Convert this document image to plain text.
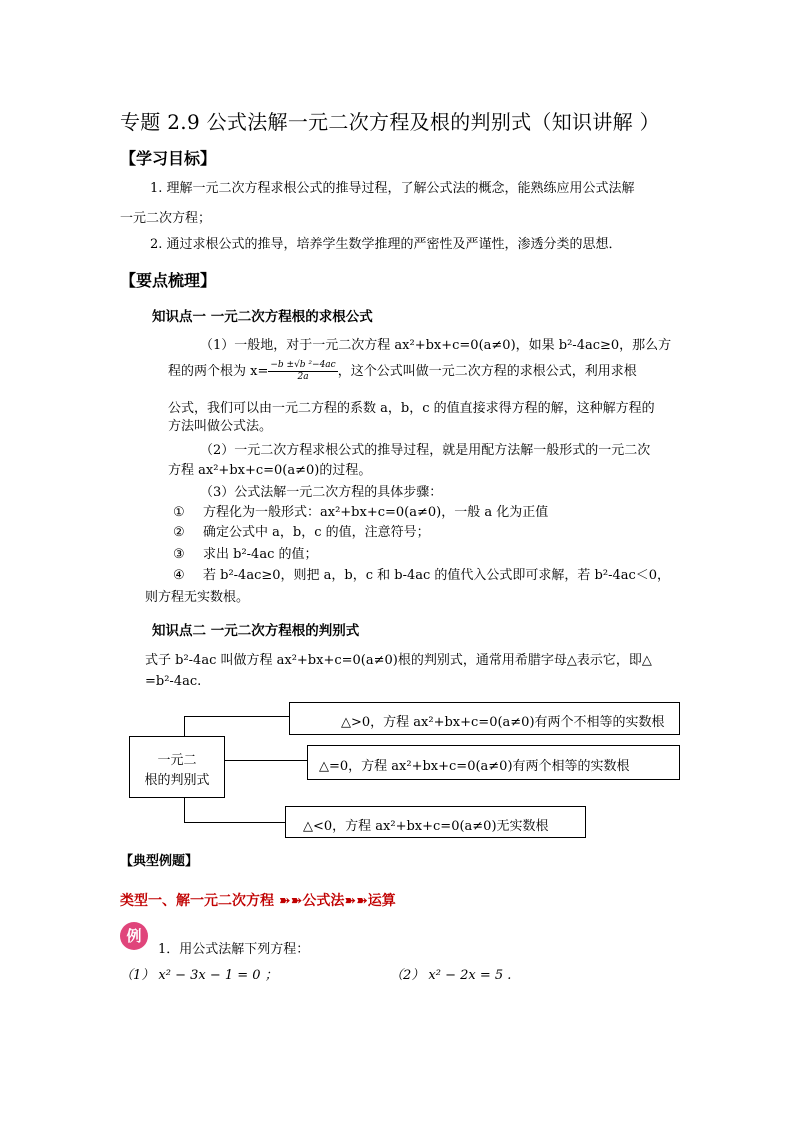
专题 2.9 公式法解一元二次方程及根的判别式（知识讲解 ）
【学习目标】
1. 理解一元二次方程求根公式的推导过程，了解公式法的概念，能熟练应用公式法解
一元二次方程；
2. 通过求根公式的推导，培养学生数学推理的严密性及严谨性，渗透分类的思想．
【要点梳理】
知识点一 一元二次方程根的求根公式
（1）一般地，对于一元二次方程 ax²+bx+c=0(a≠0)，如果 b²-4ac≥0，那么方
程的两个根为 $x= \frac{\text{−b ±√b ²−4ac}}{2a}$ ，这个公式叫做一元二次方程的求根公式，利用求根
公式，我们可以由一元二方程的系数 a，b，c 的值直接求得方程的解，这种解方程的
方法叫做公式法。
（2）一元二次方程求根公式的推导过程，就是用配方法解一般形式的一元二次
方程 ax²+bx+c=0(a≠0)的过程。
（3）公式法解一元二次方程的具体步骤：
① 方程化为一般形式：ax²+bx+c=0(a≠0)，一般 a 化为正值
② 确定公式中 a，b，c 的值，注意符号；
③ 求出 b²-4ac 的值；
④ 若 b²-4ac≥0，则把 a，b，c 和 b-4ac 的值代入公式即可求解，若 b²-4ac＜0，
则方程无实数根。
知识点二 一元二次方程根的判别式
式子 b²-4ac 叫做方程 ax²+bx+c=0(a≠0)根的判别式，通常用希腊字母△表示它，即△
=b²-4ac.
一元二
根的判别式
△>0，方程 ax²+bx+c=0(a≠0)有两个不相等的实数根
△=0，方程 ax²+bx+c=0(a≠0)有两个相等的实数根
△<0，方程 ax²+bx+c=0(a≠0)无实数根
【典型例题】
类型一、解一元二次方程 ➽➽公式法➽➽运算
例
1．用公式法解下列方程：
（1） x² − 3x − 1 = 0 ；	（2） x² − 2x = 5 .
